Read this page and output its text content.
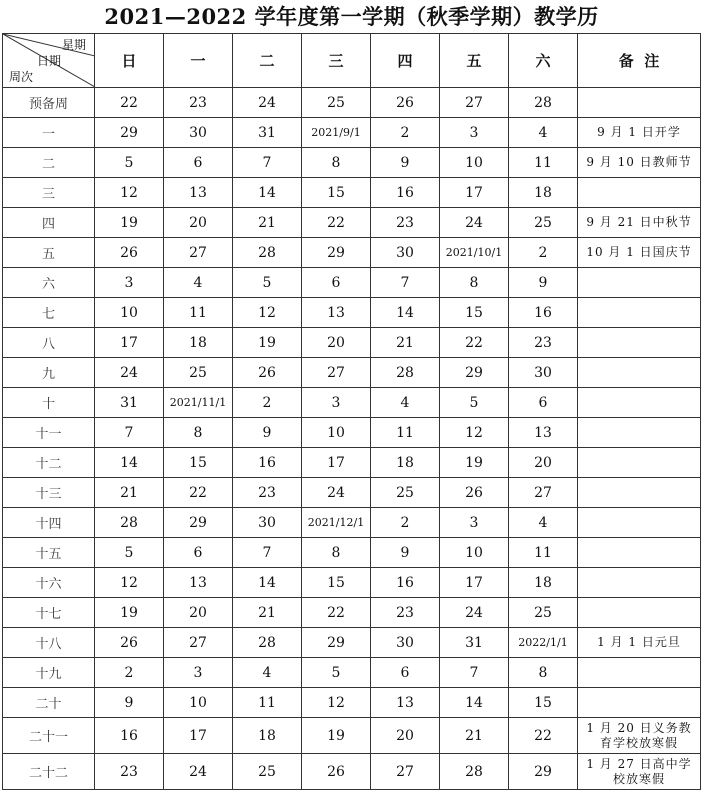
2021—2022 学年度第一学期（秋季学期）教学历
星期
日期
周次	日	一	二	三	四	五	六	备  注
预备周	22	23	24	25	26	27	28	
一	29	30	31	2021/9/1	2	3	4	9 月 1 日开学
二	5	6	7	8	9	10	11	9 月 10 日教师节
三	12	13	14	15	16	17	18	
四	19	20	21	22	23	24	25	9 月 21 日中秋节
五	26	27	28	29	30	2021/10/1	2	10 月 1 日国庆节
六	3	4	5	6	7	8	9	
七	10	11	12	13	14	15	16	
八	17	18	19	20	21	22	23	
九	24	25	26	27	28	29	30	
十	31	2021/11/1	2	3	4	5	6	
十一	7	8	9	10	11	12	13	
十二	14	15	16	17	18	19	20	
十三	21	22	23	24	25	26	27	
十四	28	29	30	2021/12/1	2	3	4	
十五	5	6	7	8	9	10	11	
十六	12	13	14	15	16	17	18	
十七	19	20	21	22	23	24	25	
十八	26	27	28	29	30	31	2022/1/1	1 月 1 日元旦
十九	2	3	4	5	6	7	8	
二十	9	10	11	12	13	14	15	
二十一	16	17	18	19	20	21	22	1 月 20 日义务教育学校放寒假
二十二	23	24	25	26	27	28	29	1 月 27 日高中学校放寒假
